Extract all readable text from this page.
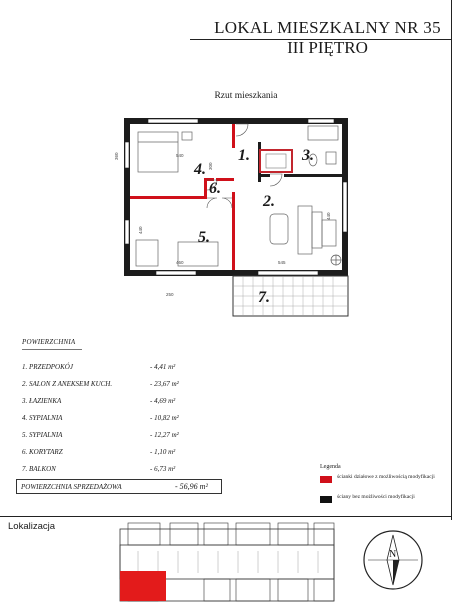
LOKAL MIESZKALNY NR 35
III PIĘTRO
Rzut mieszkania
1.
2.
3.
4.
5.
6.
7.
540
440
460	545
440
360
300
250
POWIERZCHNIA
1. PRZEDPOKÓJ	- 4,41 m²
2. SALON Z ANEKSEM KUCH.	- 23,67 m²
3. ŁAZIENKA	- 4,69 m²
4. SYPIALNIA	- 10,82 m²
5. SYPIALNIA	- 12,27 m²
6. KORYTARZ	- 1,10 m²
7. BALKON	- 6,73 m²
POWIERZCHNIA SPRZEDAŻOWA	- 56,96 m²
Legenda
ścianki działowe z możliwością modyfikacji
ściany bez możliwości modyfikacji
Lokalizacja
N
